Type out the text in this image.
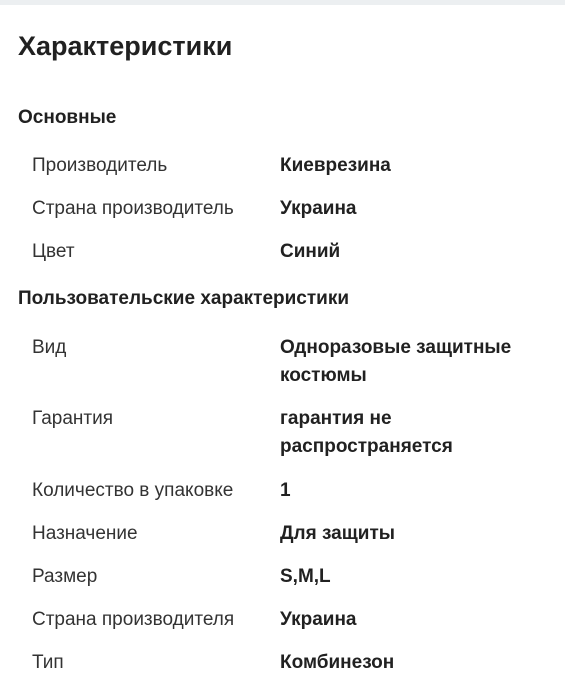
Характеристики
Основные
Производитель	Киеврезина
Страна производитель	Украина
Цвет	Синий
Пользовательские характеристики
Вид	Одноразовые защитные костюмы
Гарантия	гарантия не распространяется
Количество в упаковке	1
Назначение	Для защиты
Размер	S,M,L
Страна производителя	Украина
Тип	Комбинезон
